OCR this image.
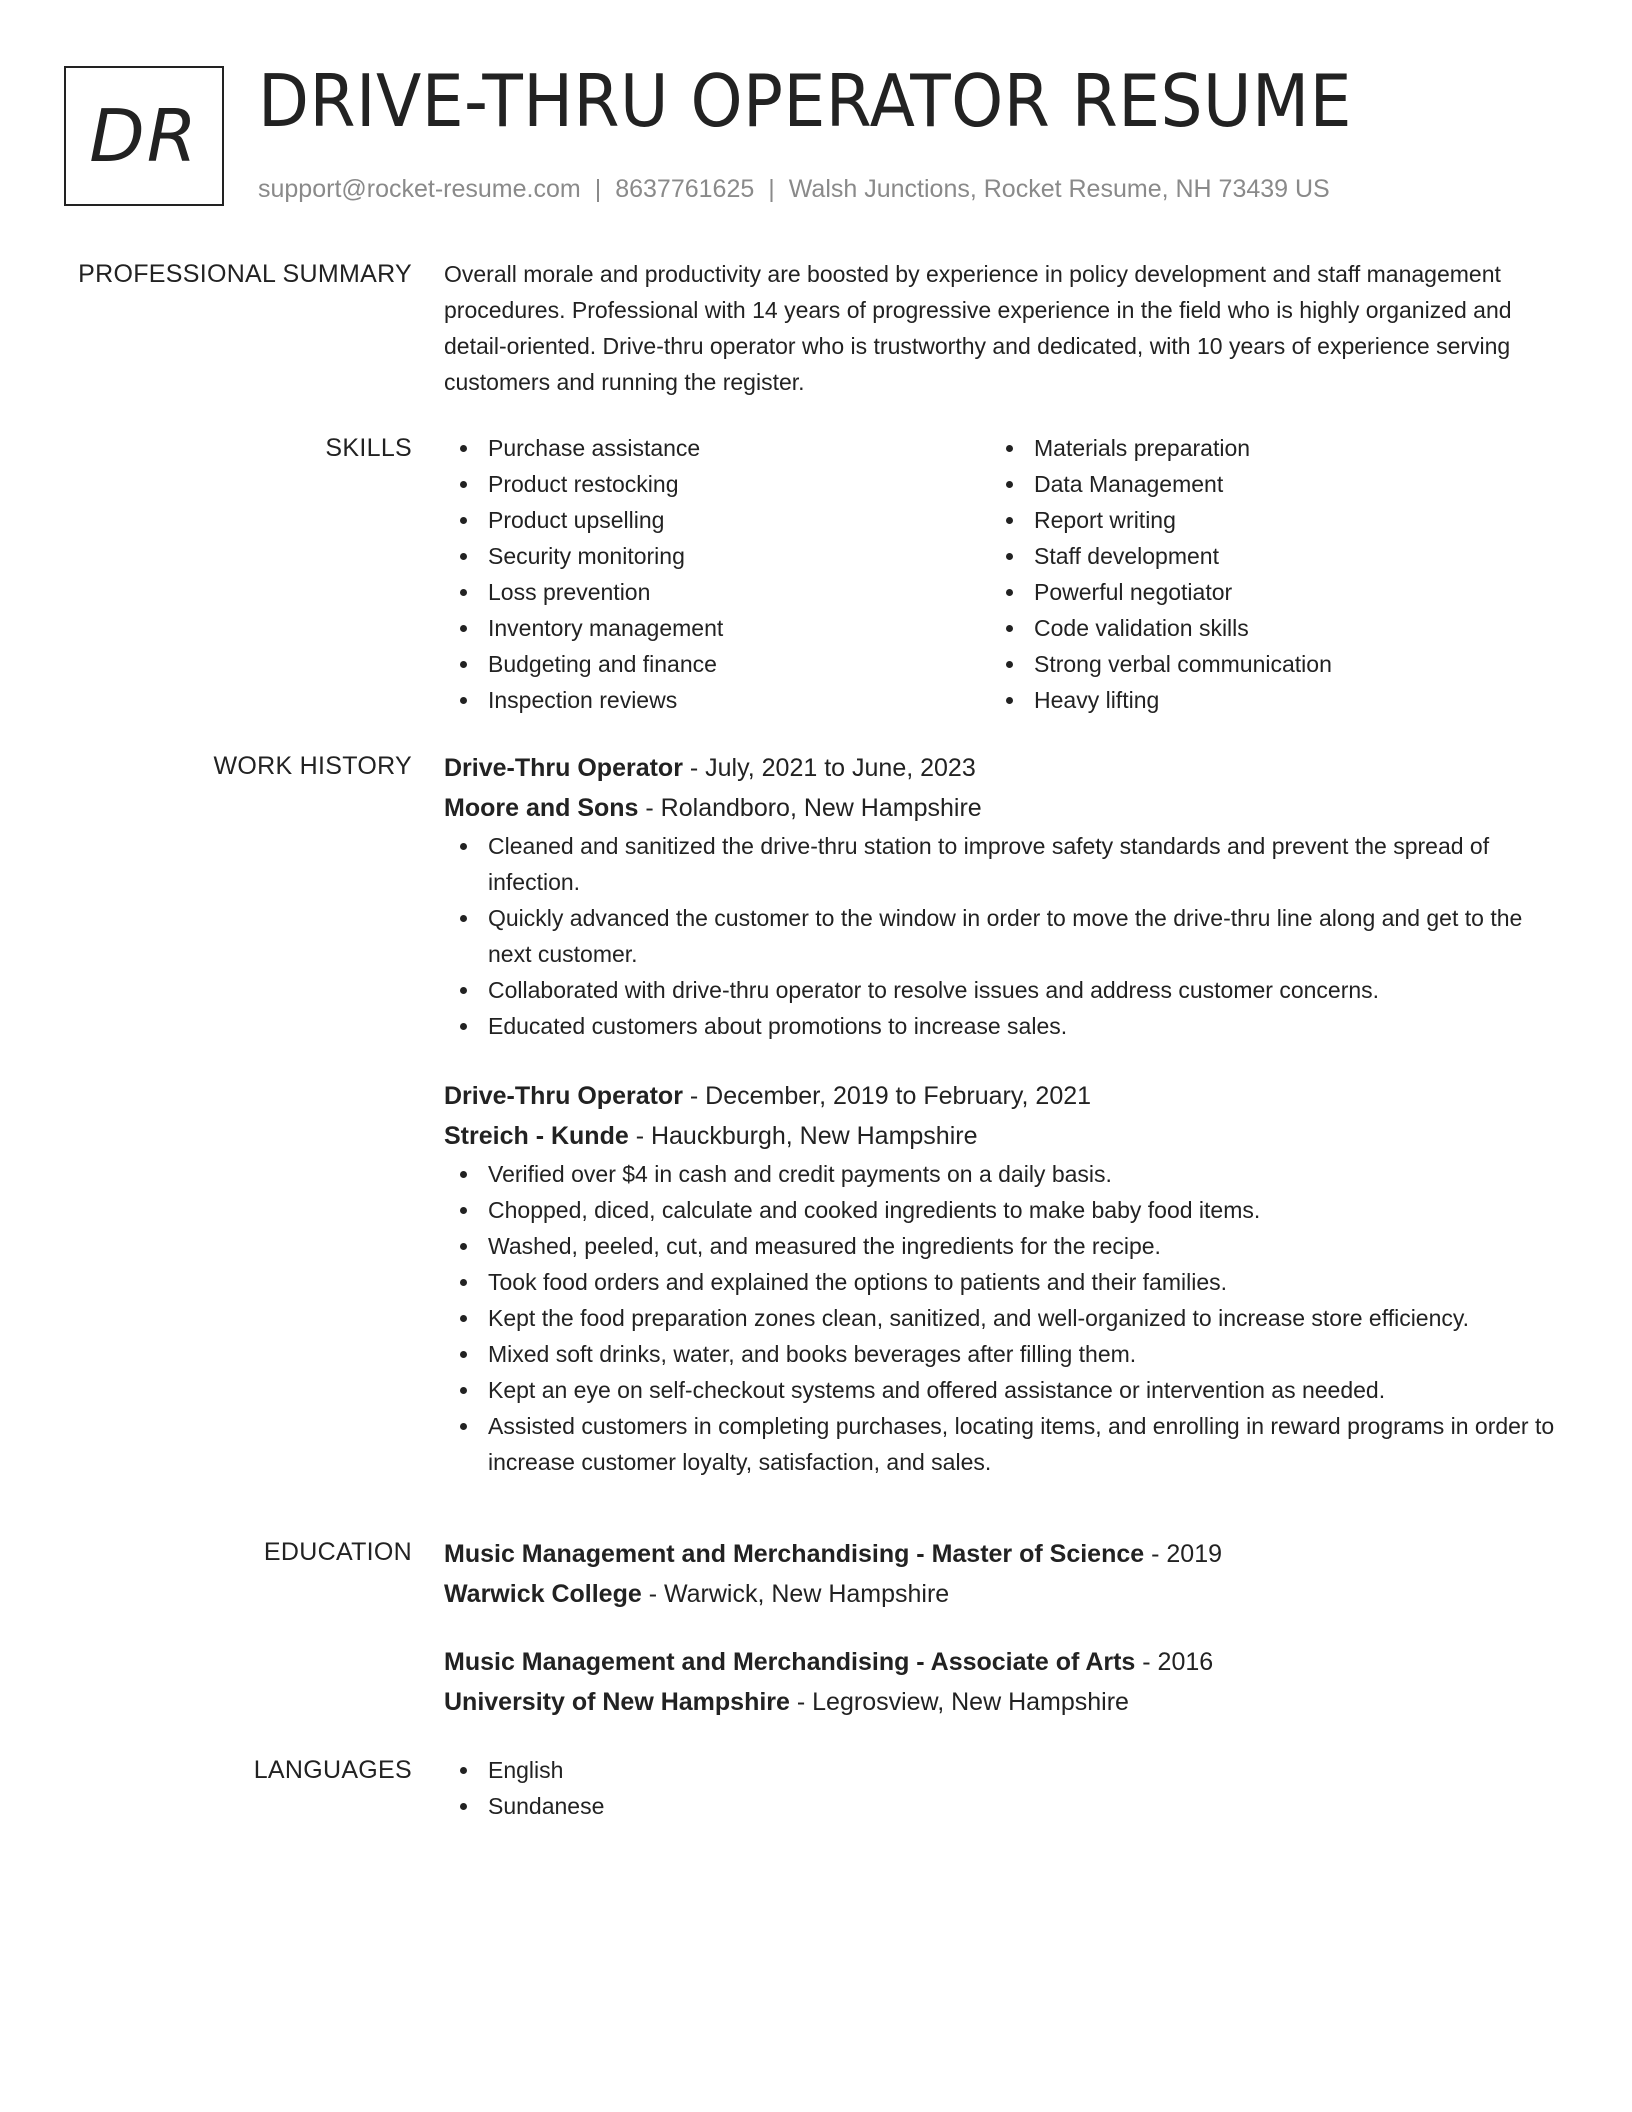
DR DRIVE-THRU OPERATOR RESUME
support@rocket-resume.com | 8637761625 | Walsh Junctions, Rocket Resume, NH 73439 US
PROFESSIONAL SUMMARY Overall morale and productivity are boosted by experience in policy development and staff management procedures. Professional with 14 years of progressive experience in the field who is highly organized and detail-oriented. Drive-thru operator who is trustworthy and dedicated, with 10 years of experience serving customers and running the register.

SKILLS	Purchase assistance
Product restocking
Product upselling
Security monitoring
Loss prevention
Inventory management
Budgeting and finance
Inspection reviews
Materials preparation
Data Management
Report writing
Staff development
Powerful negotiator
Code validation skills
Strong verbal communication
Heavy lifting
WORK HISTORY Drive-Thru Operator - July, 2021 to June, 2023
Moore and Sons - Rolandboro, New Hampshire
Cleaned and sanitized the drive-thru station to improve safety standards and prevent the spread of infection.
Quickly advanced the customer to the window in order to move the drive-thru line along and get to the next customer.
Collaborated with drive-thru operator to resolve issues and address customer concerns.
Educated customers about promotions to increase sales.
Drive-Thru Operator - December, 2019 to February, 2021
Streich - Kunde - Hauckburgh, New Hampshire
Verified over $4 in cash and credit payments on a daily basis.
Chopped, diced, calculate and cooked ingredients to make baby food items.
Washed, peeled, cut, and measured the ingredients for the recipe.
Took food orders and explained the options to patients and their families.
Kept the food preparation zones clean, sanitized, and well-organized to increase store efficiency.
Mixed soft drinks, water, and books beverages after filling them.
Kept an eye on self-checkout systems and offered assistance or intervention as needed.
Assisted customers in completing purchases, locating items, and enrolling in reward programs in order to increase customer loyalty, satisfaction, and sales.
EDUCATION Music Management and Merchandising - Master of Science - 2019
Warwick College - Warwick, New Hampshire
Music Management and Merchandising - Associate of Arts - 2016
University of New Hampshire - Legrosview, New Hampshire
LANGUAGES	English
Sundanese
